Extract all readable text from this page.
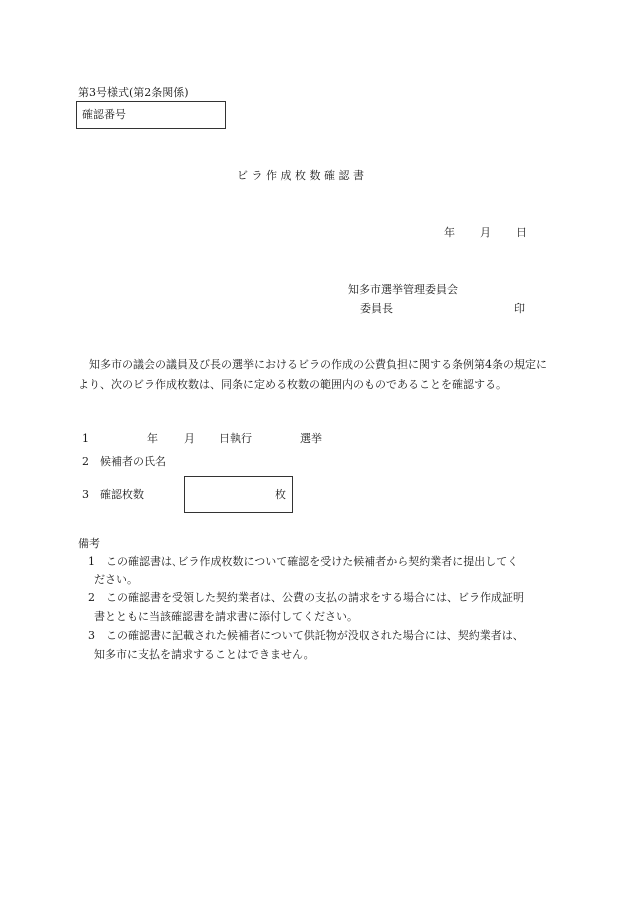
第3号様式(第2条関係)
確認番号
ビ ラ 作 成 枚 数 確 認 書
年 月 日
知多市選挙管理委員会
委員長	印
　知多市の議会の議員及び長の選挙におけるビラの作成の公費負担に関する条例第4条の規定により、次のビラ作成枚数は、同条に定める枚数の範囲内のものであることを確認する。
1	年 月 日執行	選挙
2 候補者の氏名
3 確認枚数	枚
備考
1 この確認書は､ビラ作成枚数について確認を受けた候補者から契約業者に提出してく
ださい。
2 この確認書を受領した契約業者は、公費の支払の請求をする場合には、ビラ作成証明
書とともに当該確認書を請求書に添付してください。
3 この確認書に記載された候補者について供託物が没収された場合には、契約業者は、
知多市に支払を請求することはできません。
